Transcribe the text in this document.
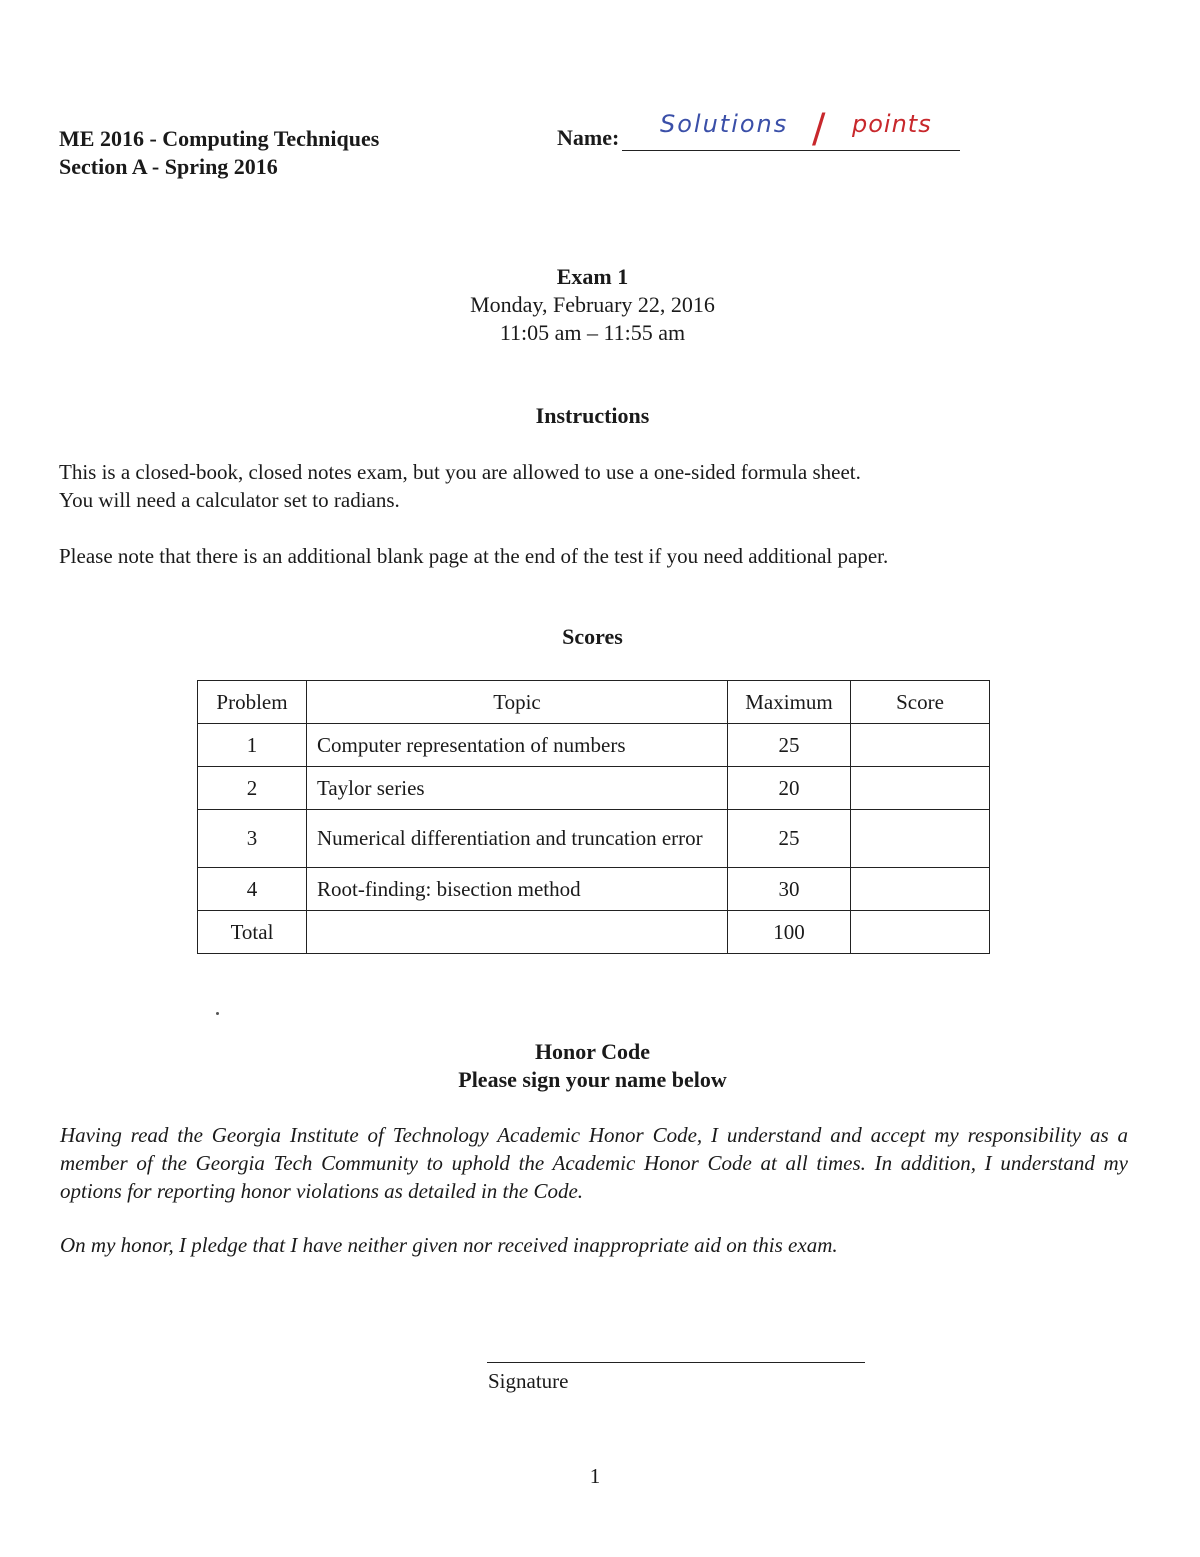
ME 2016 - Computing Techniques
Section A - Spring 2016
Name: Solutions / points
Exam 1
Monday, February 22, 2016
11:05 am – 11:55 am
Instructions
This is a closed-book, closed notes exam, but you are allowed to use a one-sided formula sheet.
You will need a calculator set to radians.
Please note that there is an additional blank page at the end of the test if you need additional paper.
Scores
Problem	Topic	Maximum	Score
1	Computer representation of numbers	25	
2	Taylor series	20	
3	Numerical differentiation and truncation error	25	
4	Root-finding: bisection method	30	
Total		100	
Honor Code
Please sign your name below
Having read the Georgia Institute of Technology Academic Honor Code, I understand and accept my responsibility as a member of the Georgia Tech Community to uphold the Academic Honor Code at all times. In addition, I understand my options for reporting honor violations as detailed in the Code.
On my honor, I pledge that I have neither given nor received inappropriate aid on this exam.
Signature
1
